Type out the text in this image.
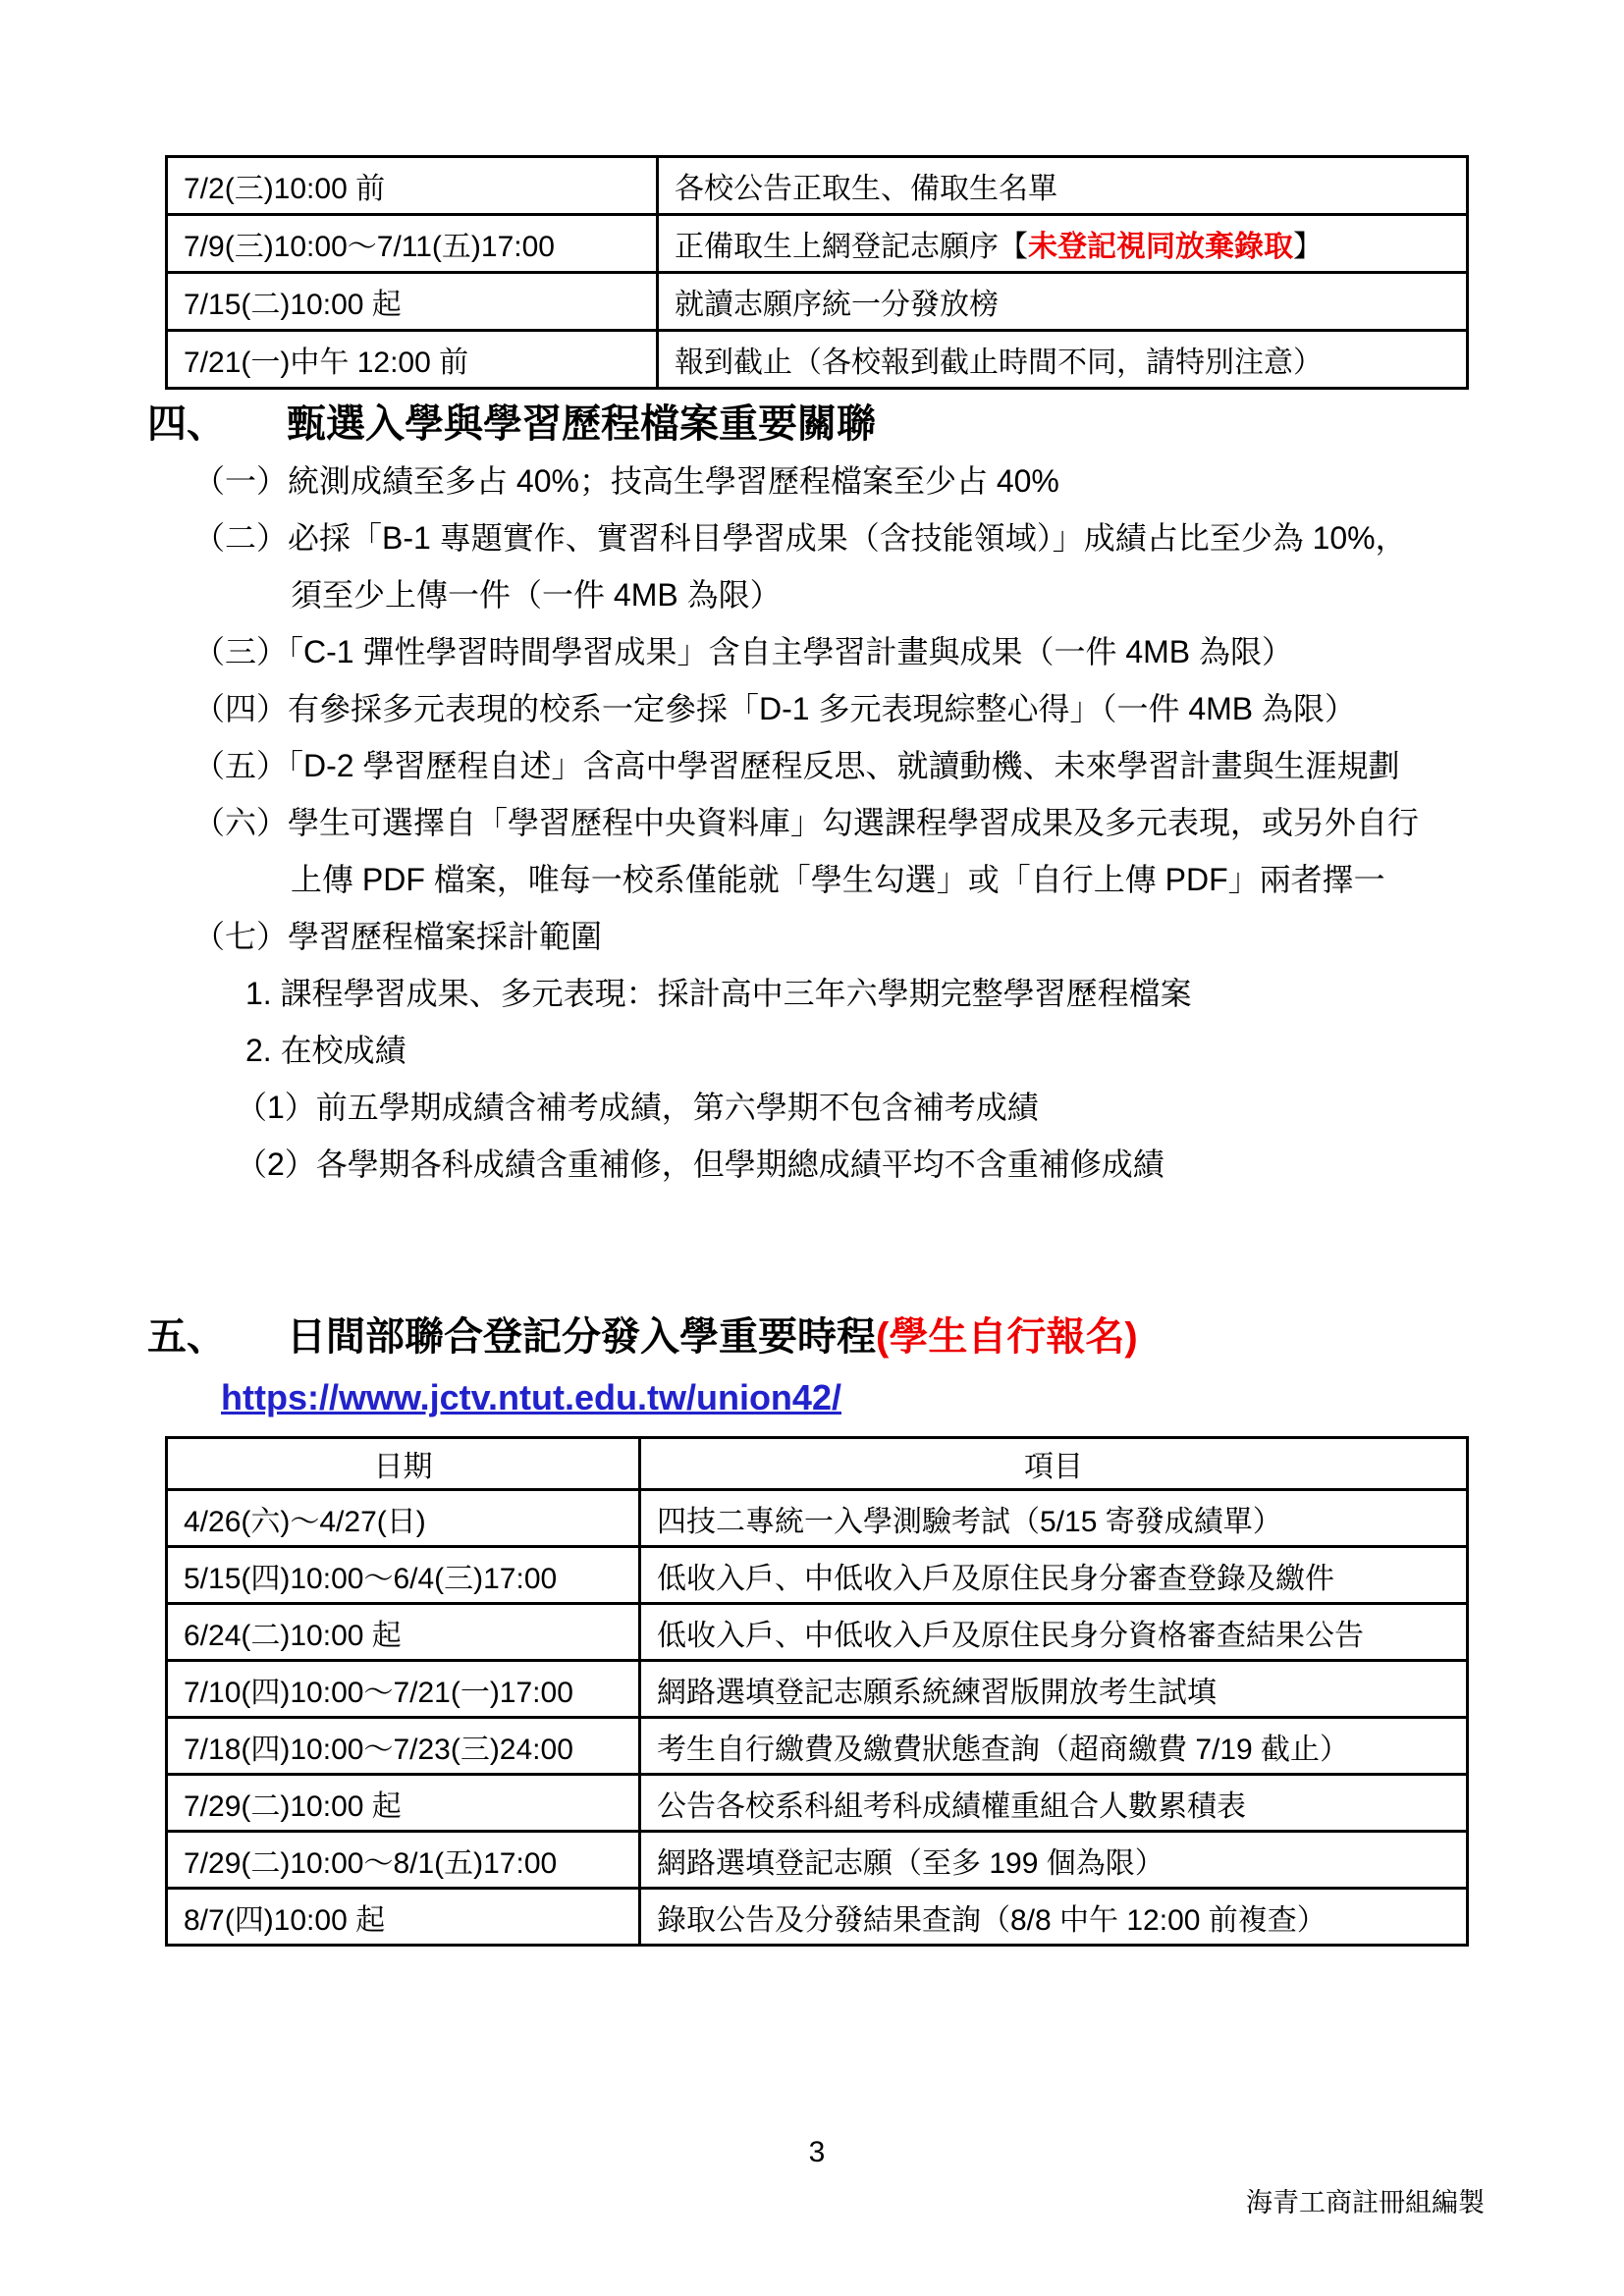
7/2(三)10:00 前	各校公告正取生、備取生名單
7/9(三)10:00～7/11(五)17:00	正備取生上網登記志願序【未登記視同放棄錄取】
7/15(二)10:00 起	就讀志願序統一分發放榜
7/21(一)中午 12:00 前	報到截止（各校報到截止時間不同，請特別注意）
四、 甄選入學與學習歷程檔案重要關聯
（一）統測成績至多占 40%；技高生學習歷程檔案至少占 40%
（二）必採「B-1 專題實作、實習科目學習成果（含技能領域）」成績占比至少為 10%，
須至少上傳一件（一件 4MB 為限）
（三）「C-1 彈性學習時間學習成果」含自主學習計畫與成果（一件 4MB 為限）
（四）有參採多元表現的校系一定參採「D-1 多元表現綜整心得」（一件 4MB 為限）
（五）「D-2 學習歷程自述」含高中學習歷程反思、就讀動機、未來學習計畫與生涯規劃
（六）學生可選擇自「學習歷程中央資料庫」勾選課程學習成果及多元表現，或另外自行
上傳 PDF 檔案，唯每一校系僅能就「學生勾選」或「自行上傳 PDF」兩者擇一
（七）學習歷程檔案採計範圍
1. 課程學習成果、多元表現：採計高中三年六學期完整學習歷程檔案
2. 在校成績
（1）前五學期成績含補考成績，第六學期不包含補考成績
（2）各學期各科成績含重補修，但學期總成績平均不含重補修成績
五、 日間部聯合登記分發入學重要時程(學生自行報名)
https://www.jctv.ntut.edu.tw/union42/
日期	項目
4/26(六)～4/27(日)	四技二專統一入學測驗考試（5/15 寄發成績單）
5/15(四)10:00～6/4(三)17:00	低收入戶、中低收入戶及原住民身分審查登錄及繳件
6/24(二)10:00 起	低收入戶、中低收入戶及原住民身分資格審查結果公告
7/10(四)10:00～7/21(一)17:00	網路選填登記志願系統練習版開放考生試填
7/18(四)10:00～7/23(三)24:00	考生自行繳費及繳費狀態查詢（超商繳費 7/19 截止）
7/29(二)10:00 起	公告各校系科組考科成績權重組合人數累積表
7/29(二)10:00～8/1(五)17:00	網路選填登記志願（至多 199 個為限）
8/7(四)10:00 起	錄取公告及分發結果查詢（8/8 中午 12:00 前複查）
3
海青工商註冊組編製
